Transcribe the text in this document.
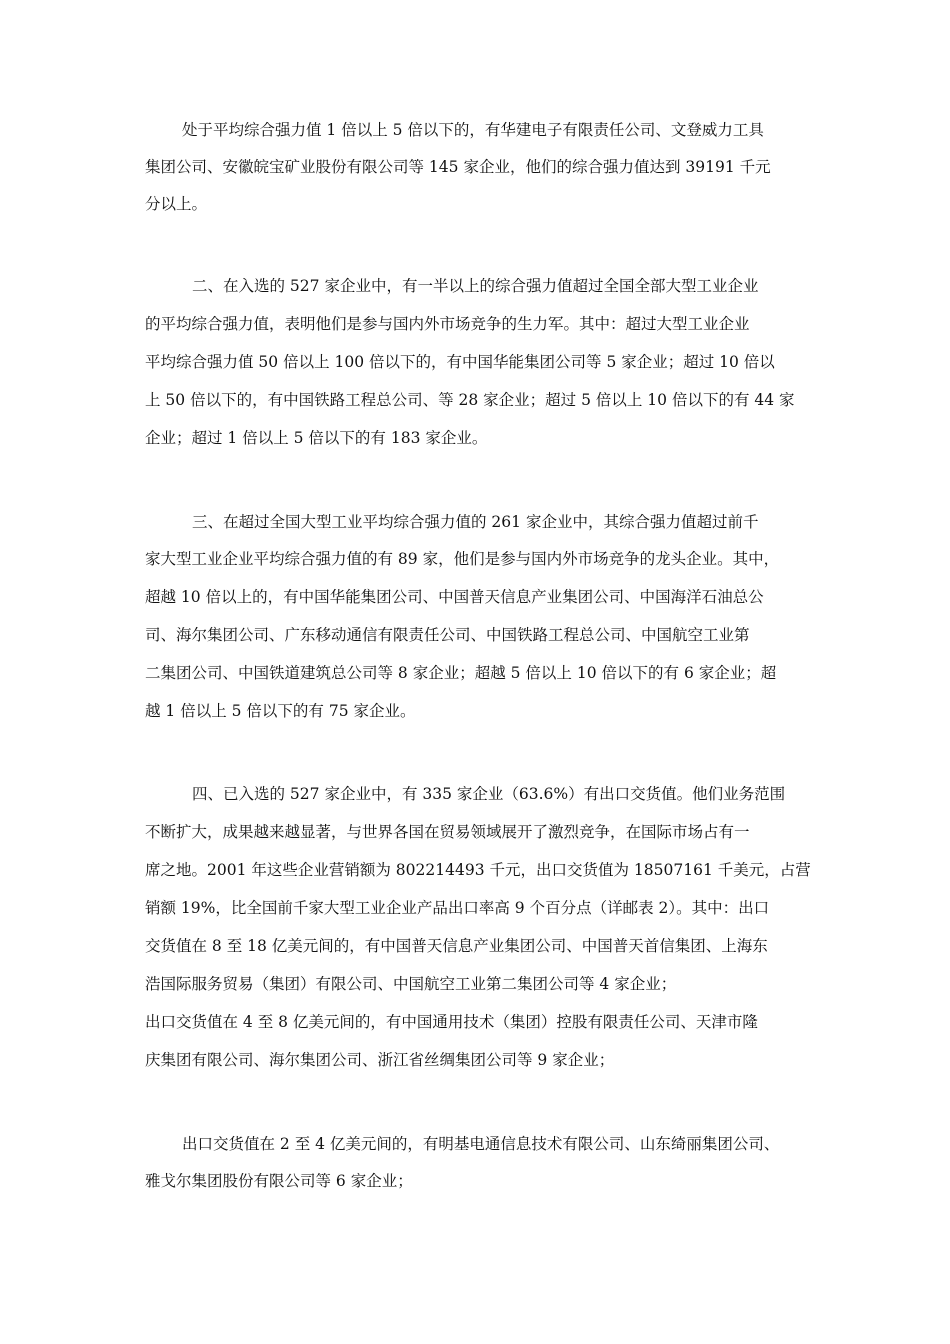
处于平均综合强力值 1 倍以上 5 倍以下的，有华建电子有限责任公司、文登威力工具
集团公司、安徽皖宝矿业股份有限公司等 145 家企业，他们的综合强力值达到 39191 千元
分以上。
二、在入选的 527 家企业中，有一半以上的综合强力值超过全国全部大型工业企业
的平均综合强力值，表明他们是参与国内外市场竞争的生力军。其中：超过大型工业企业
平均综合强力值 50 倍以上 100 倍以下的，有中国华能集团公司等 5 家企业；超过 10 倍以
上 50 倍以下的，有中国铁路工程总公司、等 28 家企业；超过 5 倍以上 10 倍以下的有 44 家
企业；超过 1 倍以上 5 倍以下的有 183 家企业。
三、在超过全国大型工业平均综合强力值的 261 家企业中，其综合强力值超过前千
家大型工业企业平均综合强力值的有 89 家，他们是参与国内外市场竞争的龙头企业。其中，
超越 10 倍以上的，有中国华能集团公司、中国普天信息产业集团公司、中国海洋石油总公
司、海尔集团公司、广东移动通信有限责任公司、中国铁路工程总公司、中国航空工业第
二集团公司、中国铁道建筑总公司等 8 家企业；超越 5 倍以上 10 倍以下的有 6 家企业；超
越 1 倍以上 5 倍以下的有 75 家企业。
四、已入选的 527 家企业中，有 335 家企业（63.6%）有出口交货值。他们业务范围
不断扩大，成果越来越显著，与世界各国在贸易领域展开了激烈竞争，在国际市场占有一
席之地。2001 年这些企业营销额为 802214493 千元，出口交货值为 18507161 千美元，占营
销额 19%，比全国前千家大型工业企业产品出口率高 9 个百分点（详邮表 2）。其中：出口
交货值在 8 至 18 亿美元间的，有中国普天信息产业集团公司、中国普天首信集团、上海东
浩国际服务贸易（集团）有限公司、中国航空工业第二集团公司等 4 家企业；
出口交货值在 4 至 8 亿美元间的，有中国通用技术（集团）控股有限责任公司、天津市隆
庆集团有限公司、海尔集团公司、浙江省丝绸集团公司等 9 家企业；
出口交货值在 2 至 4 亿美元间的，有明基电通信息技术有限公司、山东绮丽集团公司、
雅戈尔集团股份有限公司等 6 家企业；
